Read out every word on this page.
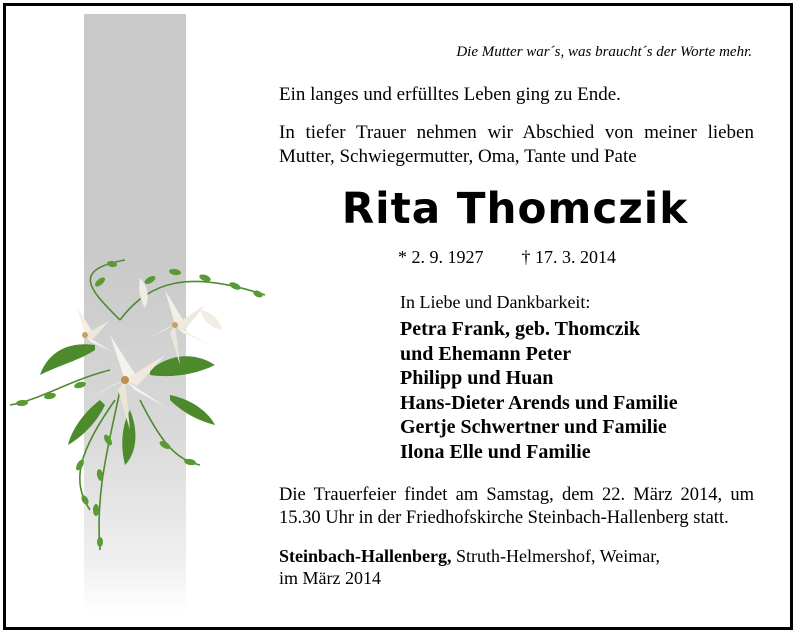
Die Mutter war´s, was braucht´s der Worte mehr.
Ein langes und erfülltes Leben ging zu Ende.
In tiefer Trauer nehmen wir Abschied von meiner lieben Mutter, Schwiegermutter, Oma, Tante und Pate
Rita Thomczik
* 2. 9. 1927 † 17. 3. 2014
In Liebe und Dankbarkeit:
Petra Frank, geb. Thomczik
und Ehemann Peter
Philipp und Huan
Hans-Dieter Arends und Familie
Gertje Schwertner und Familie
Ilona Elle und Familie
Die Trauerfeier findet am Samstag, dem 22. März 2014, um 15.30 Uhr in der Friedhofskirche Steinbach-Hallenberg statt.
Steinbach-Hallenberg, Struth-Helmershof, Weimar,
im März 2014
